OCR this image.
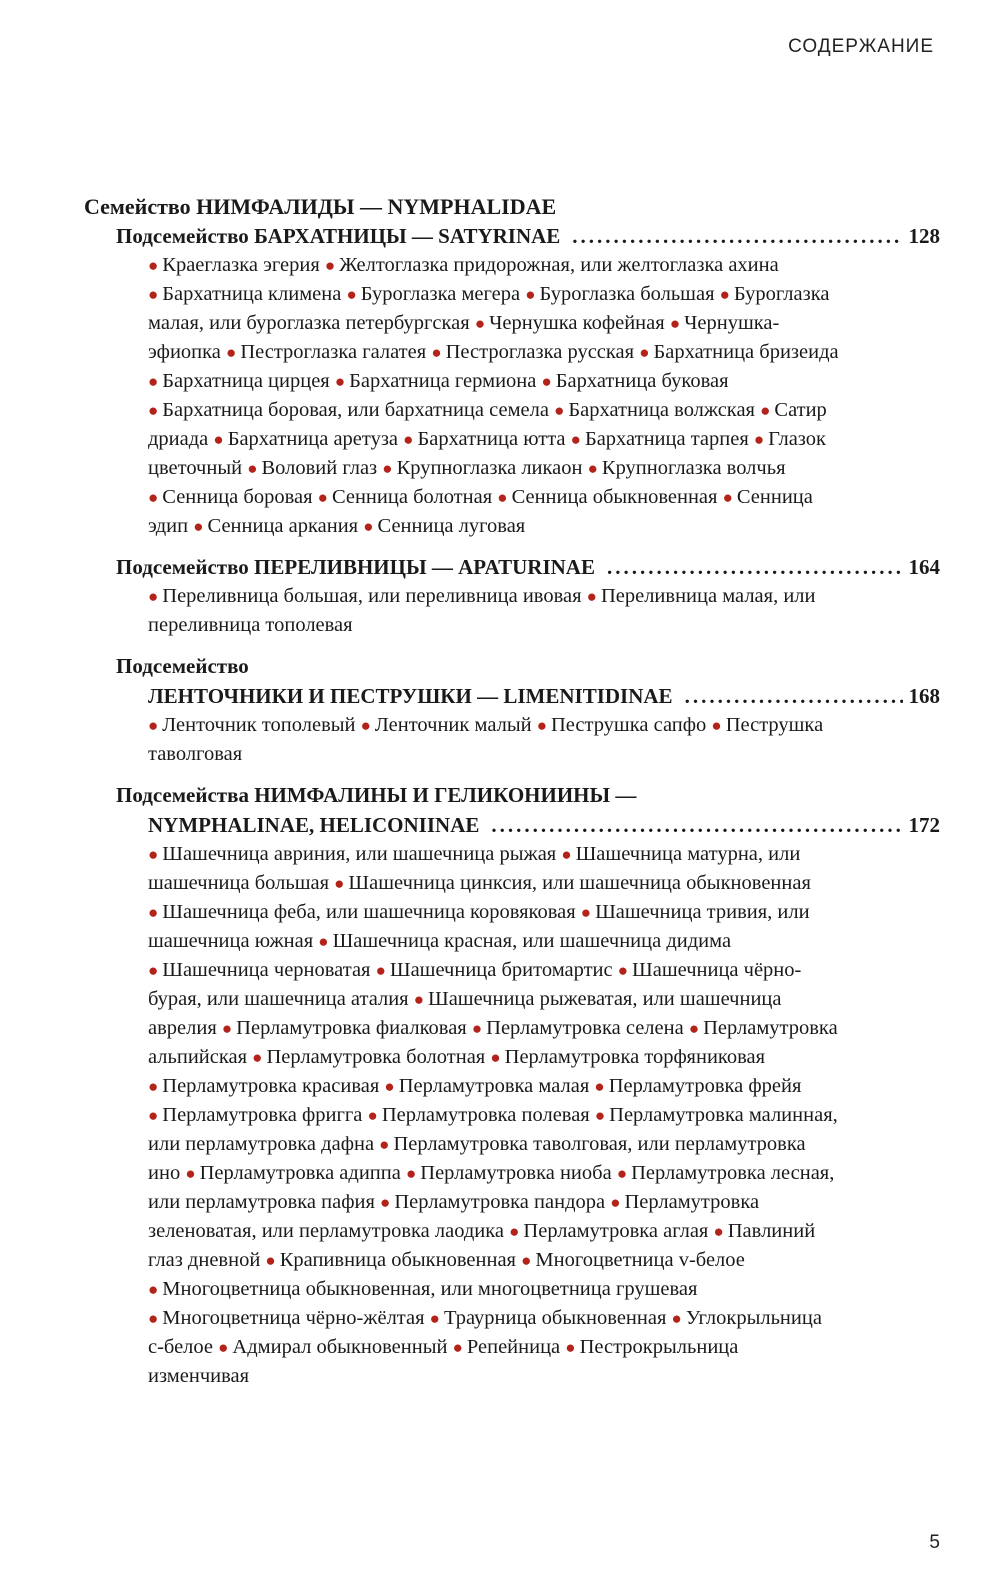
СОДЕРЖАНИЕ

Семейство НИМФАЛИДЫ — NYMPHALIDAE

Подсемейство БАРХАТНИЦЫ — SATYRINAE .....	128

● Краеглазка эгерия ● Желтоглазка придорожная, или желтоглазка ахина ● Бархатница климена ● Буроглазка мегера ● Буроглазка большая ● Буроглазка малая, или буроглазка петербургская ● Чернушка кофейная ● Чернушка-эфиопка ● Пестроглазка галатея ● Пестроглазка русская ● Бархатница бризеида ● Бархатница цирцея ● Бархатница гермиона ● Бархатница буковая ● Бархатница боровая, или бархатница семела ● Бархатница волжская ● Сатир дриада ● Бархатница аретуза ● Бархатница ютта ● Бархатница тарпея ● Глазок цветочный ● Воловий глаз ● Крупноглазка ликаон ● Крупноглазка волчья ● Сенница боровая ● Сенница болотная ● Сенница обыкновенная ● Сенница эдип ● Сенница аркания ● Сенница луговая

Подсемейство ПЕРЕЛИВНИЦЫ — APATURINAE .....	164

● Переливница большая, или переливница ивовая ● Переливница малая, или переливница тополевая

Подсемейство
ЛЕНТОЧНИКИ И ПЕСТРУШКИ — LIMENITIDINAE .....	168

● Ленточник тополевый ● Ленточник малый ● Пеструшка сапфо ● Пеструшка таволговая

Подсемейства НИМФАЛИНЫ И ГЕЛИКОНИИНЫ —
NYMPHALINAE, HELICONIINAE .....	172

● Шашечница авриния, или шашечница рыжая ● Шашечница матурна, или шашечница большая ● Шашечница цинксия, или шашечница обыкновенная ● Шашечница феба, или шашечница коровяковая ● Шашечница тривия, или шашечница южная ● Шашечница красная, или шашечница дидима ● Шашечница черноватая ● Шашечница бритомартис ● Шашечница чёрно-бурая, или шашечница аталия ● Шашечница рыжеватая, или шашечница аврелия ● Перламутровка фиалковая ● Перламутровка селена ● Перламутровка альпийская ● Перламутровка болотная ● Перламутровка торфяниковая ● Перламутровка красивая ● Перламутровка малая ● Перламутровка фрейя ● Перламутровка фригга ● Перламутровка полевая ● Перламутровка малинная, или перламутровка дафна ● Перламутровка таволговая, или перламутровка ино ● Перламутровка адиппа ● Перламутровка ниоба ● Перламутровка лесная, или перламутровка пафия ● Перламутровка пандора ● Перламутровка зеленоватая, или перламутровка лаодика ● Перламутровка аглая ● Павлиний глаз дневной ● Крапивница обыкновенная ● Многоцветница v-белое ● Многоцветница обыкновенная, или многоцветница грушевая ● Многоцветница чёрно-жёлтая ● Траурница обыкновенная ● Углокрыльница с-белое ● Адмирал обыкновенный ● Репейница ● Пестрокрыльница изменчивая

5
